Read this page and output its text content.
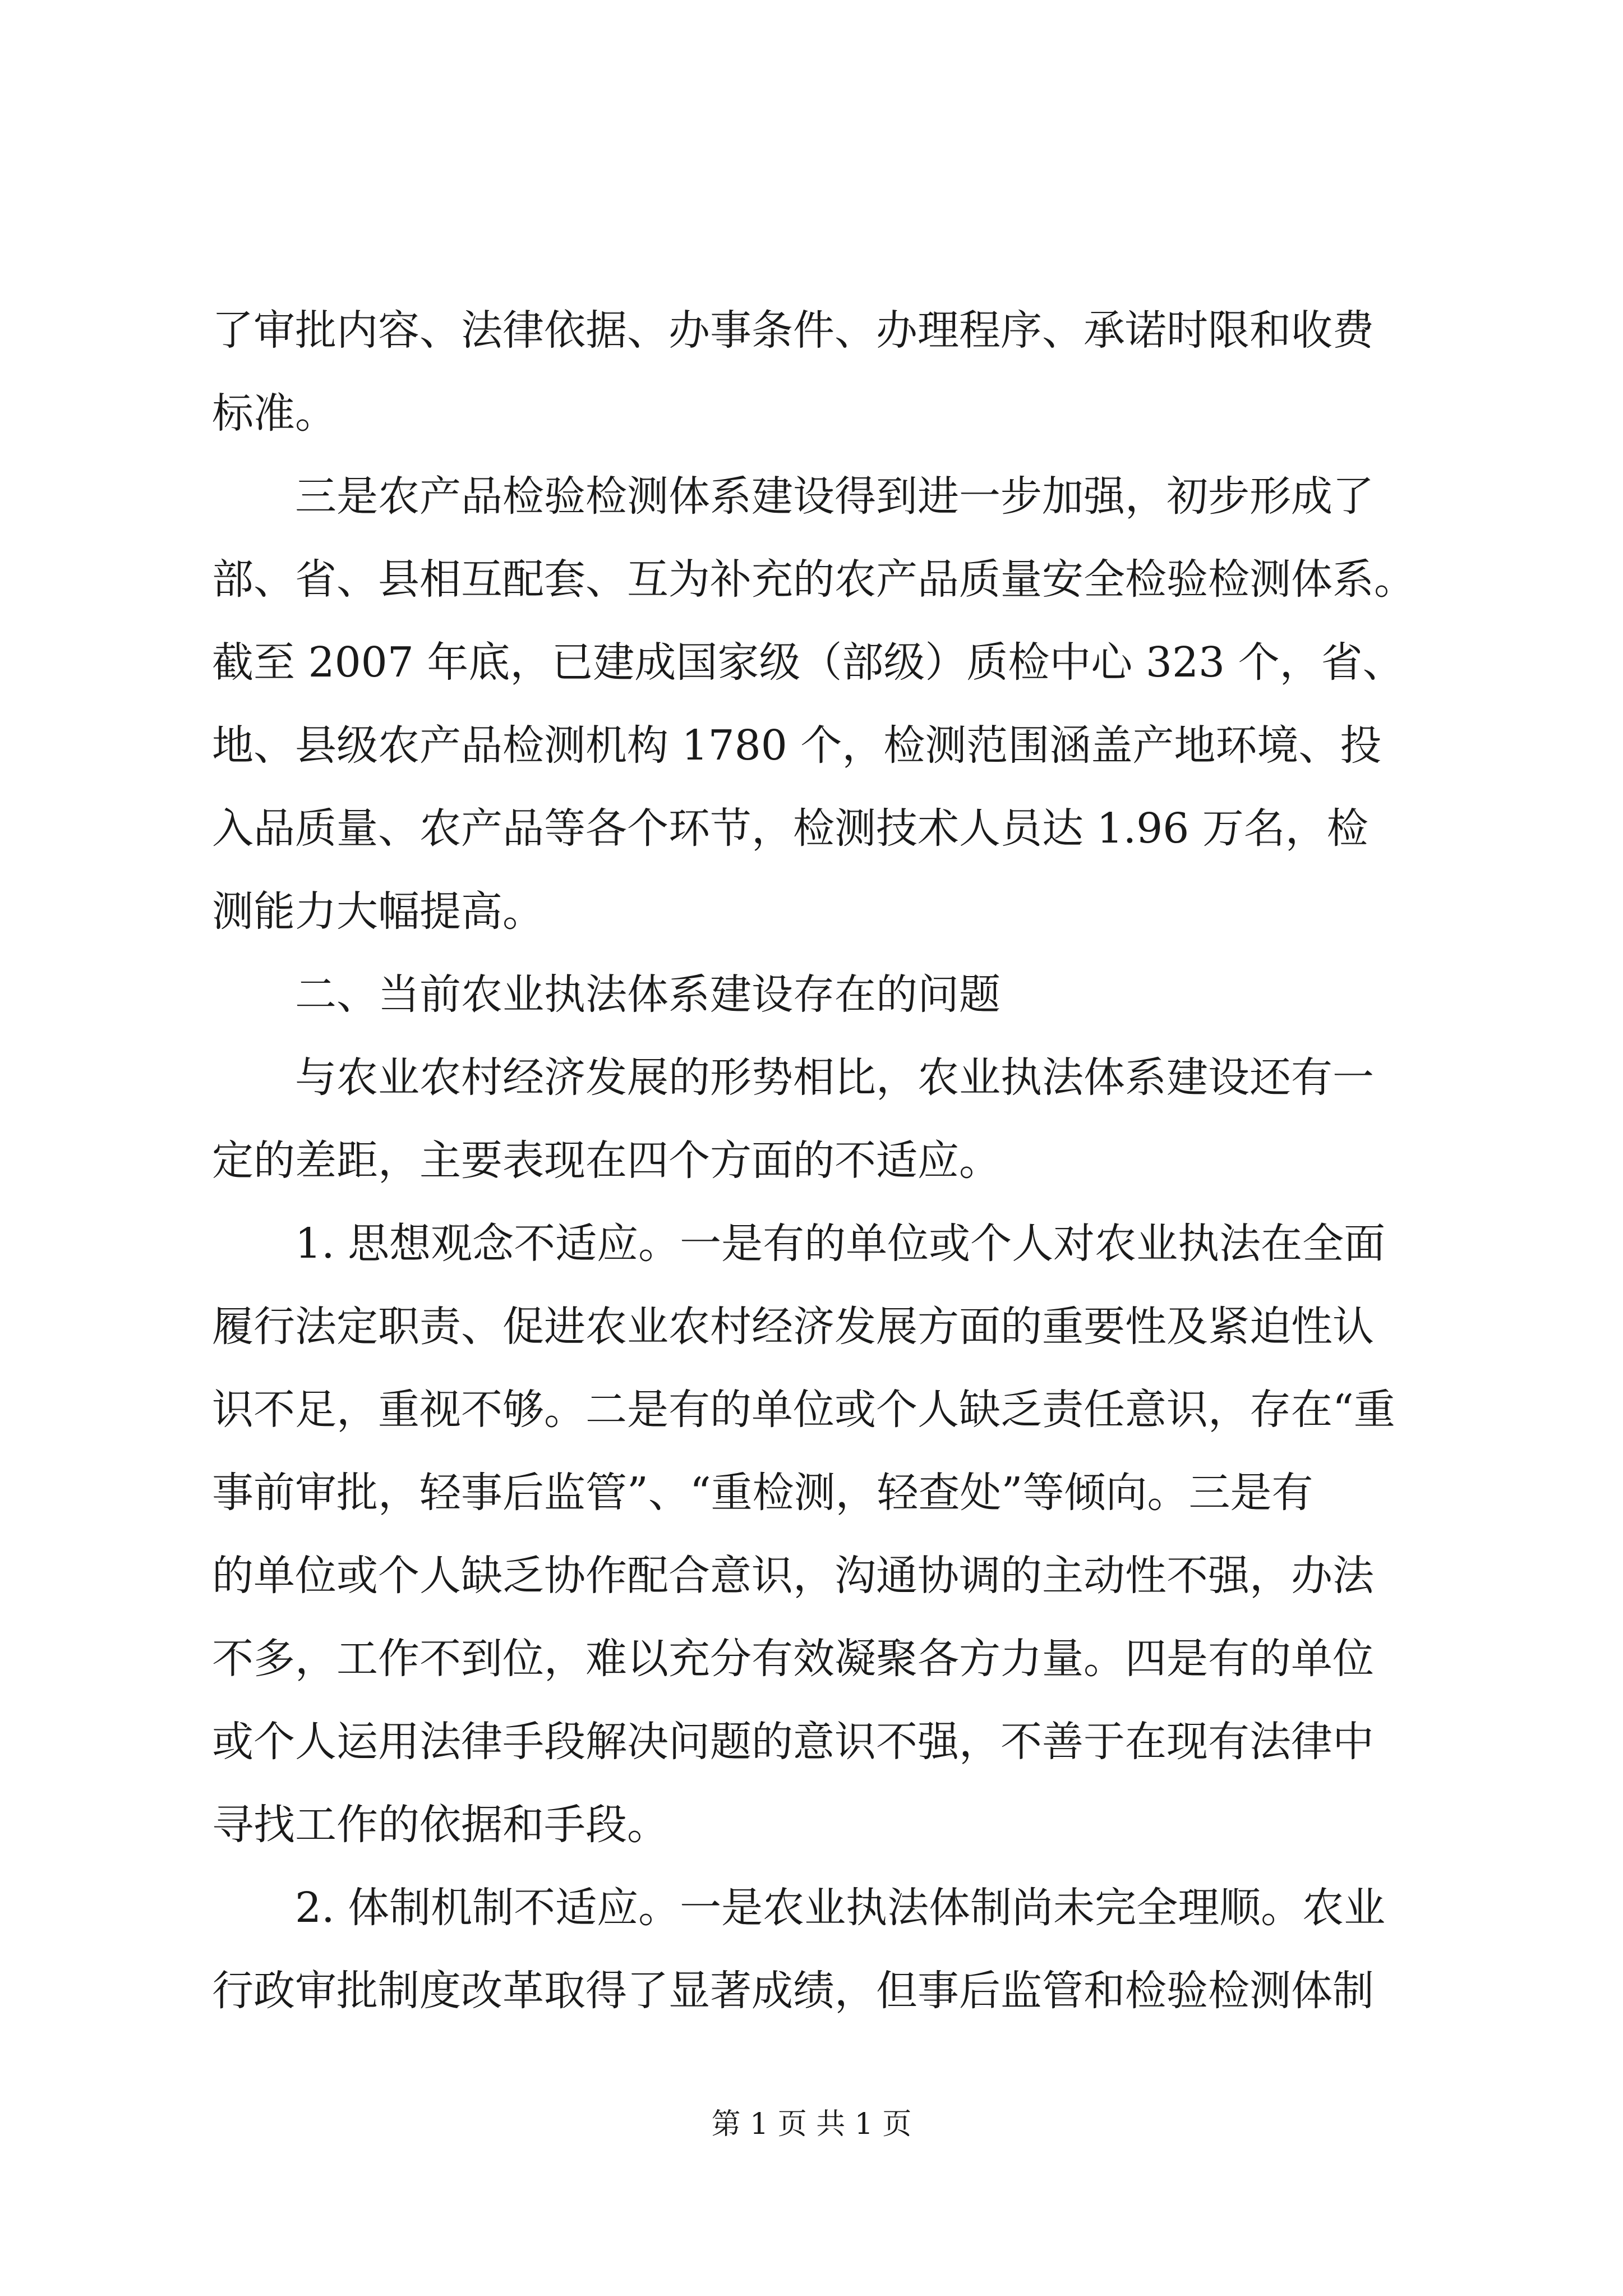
了审批内容、法律依据、办事条件、办理程序、承诺时限和收费
标准。
三是农产品检验检测体系建设得到进一步加强，初步形成了
部、省、县相互配套、互为补充的农产品质量安全检验检测体系。
截至 2007 年底，已建成国家级（部级）质检中心 323 个，省、
地、县级农产品检测机构 1780 个，检测范围涵盖产地环境、投
入品质量、农产品等各个环节，检测技术人员达 1.96 万名，检
测能力大幅提高。
二、当前农业执法体系建设存在的问题
与农业农村经济发展的形势相比，农业执法体系建设还有一
定的差距，主要表现在四个方面的不适应。
1. 思想观念不适应。一是有的单位或个人对农业执法在全面
履行法定职责、促进农业农村经济发展方面的重要性及紧迫性认
识不足，重视不够。二是有的单位或个人缺乏责任意识，存在“重
事前审批，轻事后监管”、“重检测，轻查处”等倾向。三是有
的单位或个人缺乏协作配合意识，沟通协调的主动性不强，办法
不多，工作不到位，难以充分有效凝聚各方力量。四是有的单位
或个人运用法律手段解决问题的意识不强，不善于在现有法律中
寻找工作的依据和手段。
2. 体制机制不适应。一是农业执法体制尚未完全理顺。农业
行政审批制度改革取得了显著成绩，但事后监管和检验检测体制
第 1 页 共 1 页
